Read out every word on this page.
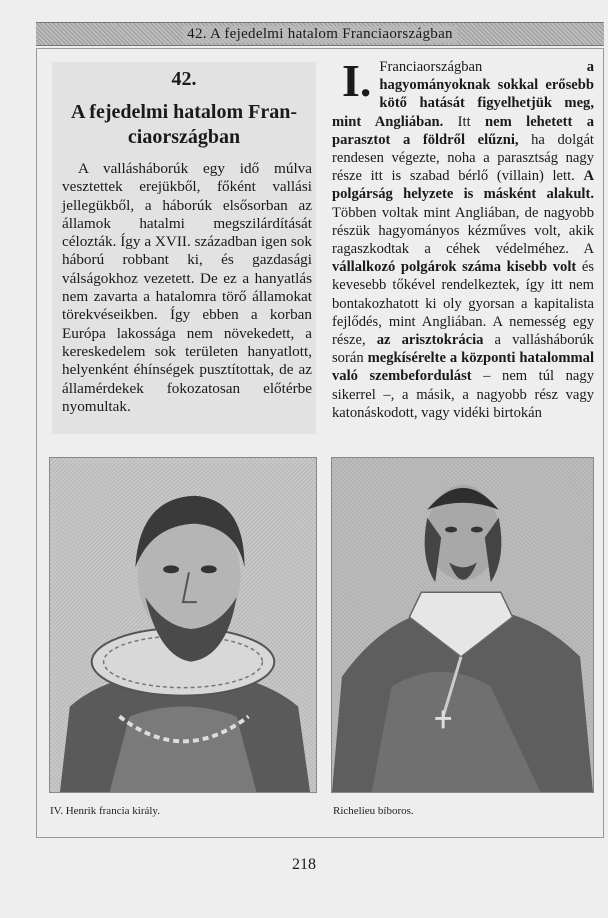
42. A fejedelmi hatalom Franciaországban
42.
A fejedelmi hatalom Fran-
ciaországban
A vallásháborúk egy idő múlva vesztettek erejükből, főként vallási jellegükből, a háborúk elsősorban az államok hatalmi megszilárdítását célozták. Így a XVII. században igen sok háború robbant ki, és gazdasági válságokhoz vezetett. De ez a hanyatlás nem zavarta a hatalomra törő államokat törekvéseikben. Így ebben a korban Európa lakossága nem növekedett, a kereskedelem sok területen hanyatlott, helyenként éhínségek pusztítottak, de az államérdekek fokozatosan előtérbe nyomultak.
I. Franciaországban a hagyományoknak sokkal erősebb kötő hatását figyelhetjük meg, mint Angliában. Itt nem lehetett a parasztot a földről elűzni, ha dolgát rendesen végezte, noha a parasztság nagy része itt is szabad bérlő (villain) lett. A polgárság helyzete is másként alakult. Többen voltak mint Angliában, de nagyobb részük hagyományos kézműves volt, akik ragaszkodtak a céhek védelméhez. A vállalkozó polgárok száma kisebb volt és kevesebb tőkével rendelkeztek, így itt nem bontakozhatott ki oly gyorsan a kapitalista fejlődés, mint Angliában. A nemesség egy része, az arisztokrácia a vallásháborúk során megkísérelte a központi hatalommal való szembefordulást – nem túl nagy sikerrel –, a másik, a nagyobb rész vagy katonáskodott, vagy vidéki birtokán
IV. Henrik francia király.	Richelieu bíboros.
218
